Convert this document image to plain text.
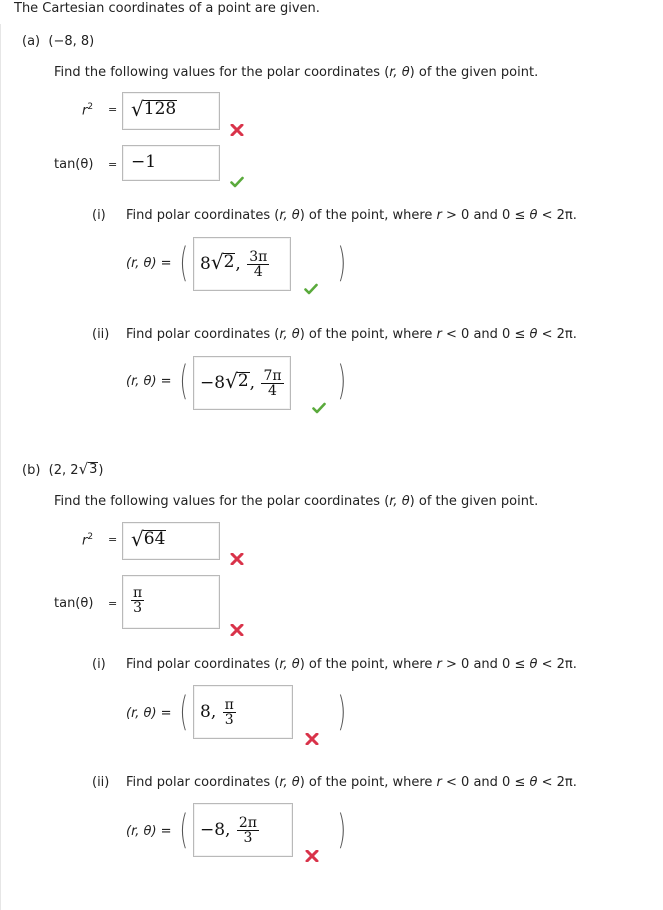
The Cartesian coordinates of a point are given.
(a) (−8, 8)
Find the following values for the polar coordinates (r, θ) of the given point.
$r^2$ = √ 128
tan(θ) = −1
(i) Find polar coordinates (r, θ) of the point, where r > 0 and 0 ≤ θ < 2π.
(r, θ) = ( 8 √ 2 , $\frac{3\pi}{4}$ )
(ii) Find polar coordinates (r, θ) of the point, where r < 0 and 0 ≤ θ < 2π.
(r, θ) = ( −8 √ 2 , $\frac{7\pi}{4}$ )
(b) (2, 2 √ 3 )
Find the following values for the polar coordinates (r, θ) of the given point.
$r^2$ = √ 64
$\tan(\theta) = \frac{\pi}{3}$
(i) Find polar coordinates (r, θ) of the point, where r > 0 and 0 ≤ θ < 2π.
(r, θ) = ( 8, $\frac{\pi}{3}$	)
(ii) Find polar coordinates (r, θ) of the point, where r < 0 and 0 ≤ θ < 2π.
(r, θ) = ( −8, $\frac{2\pi}{3}$ )
